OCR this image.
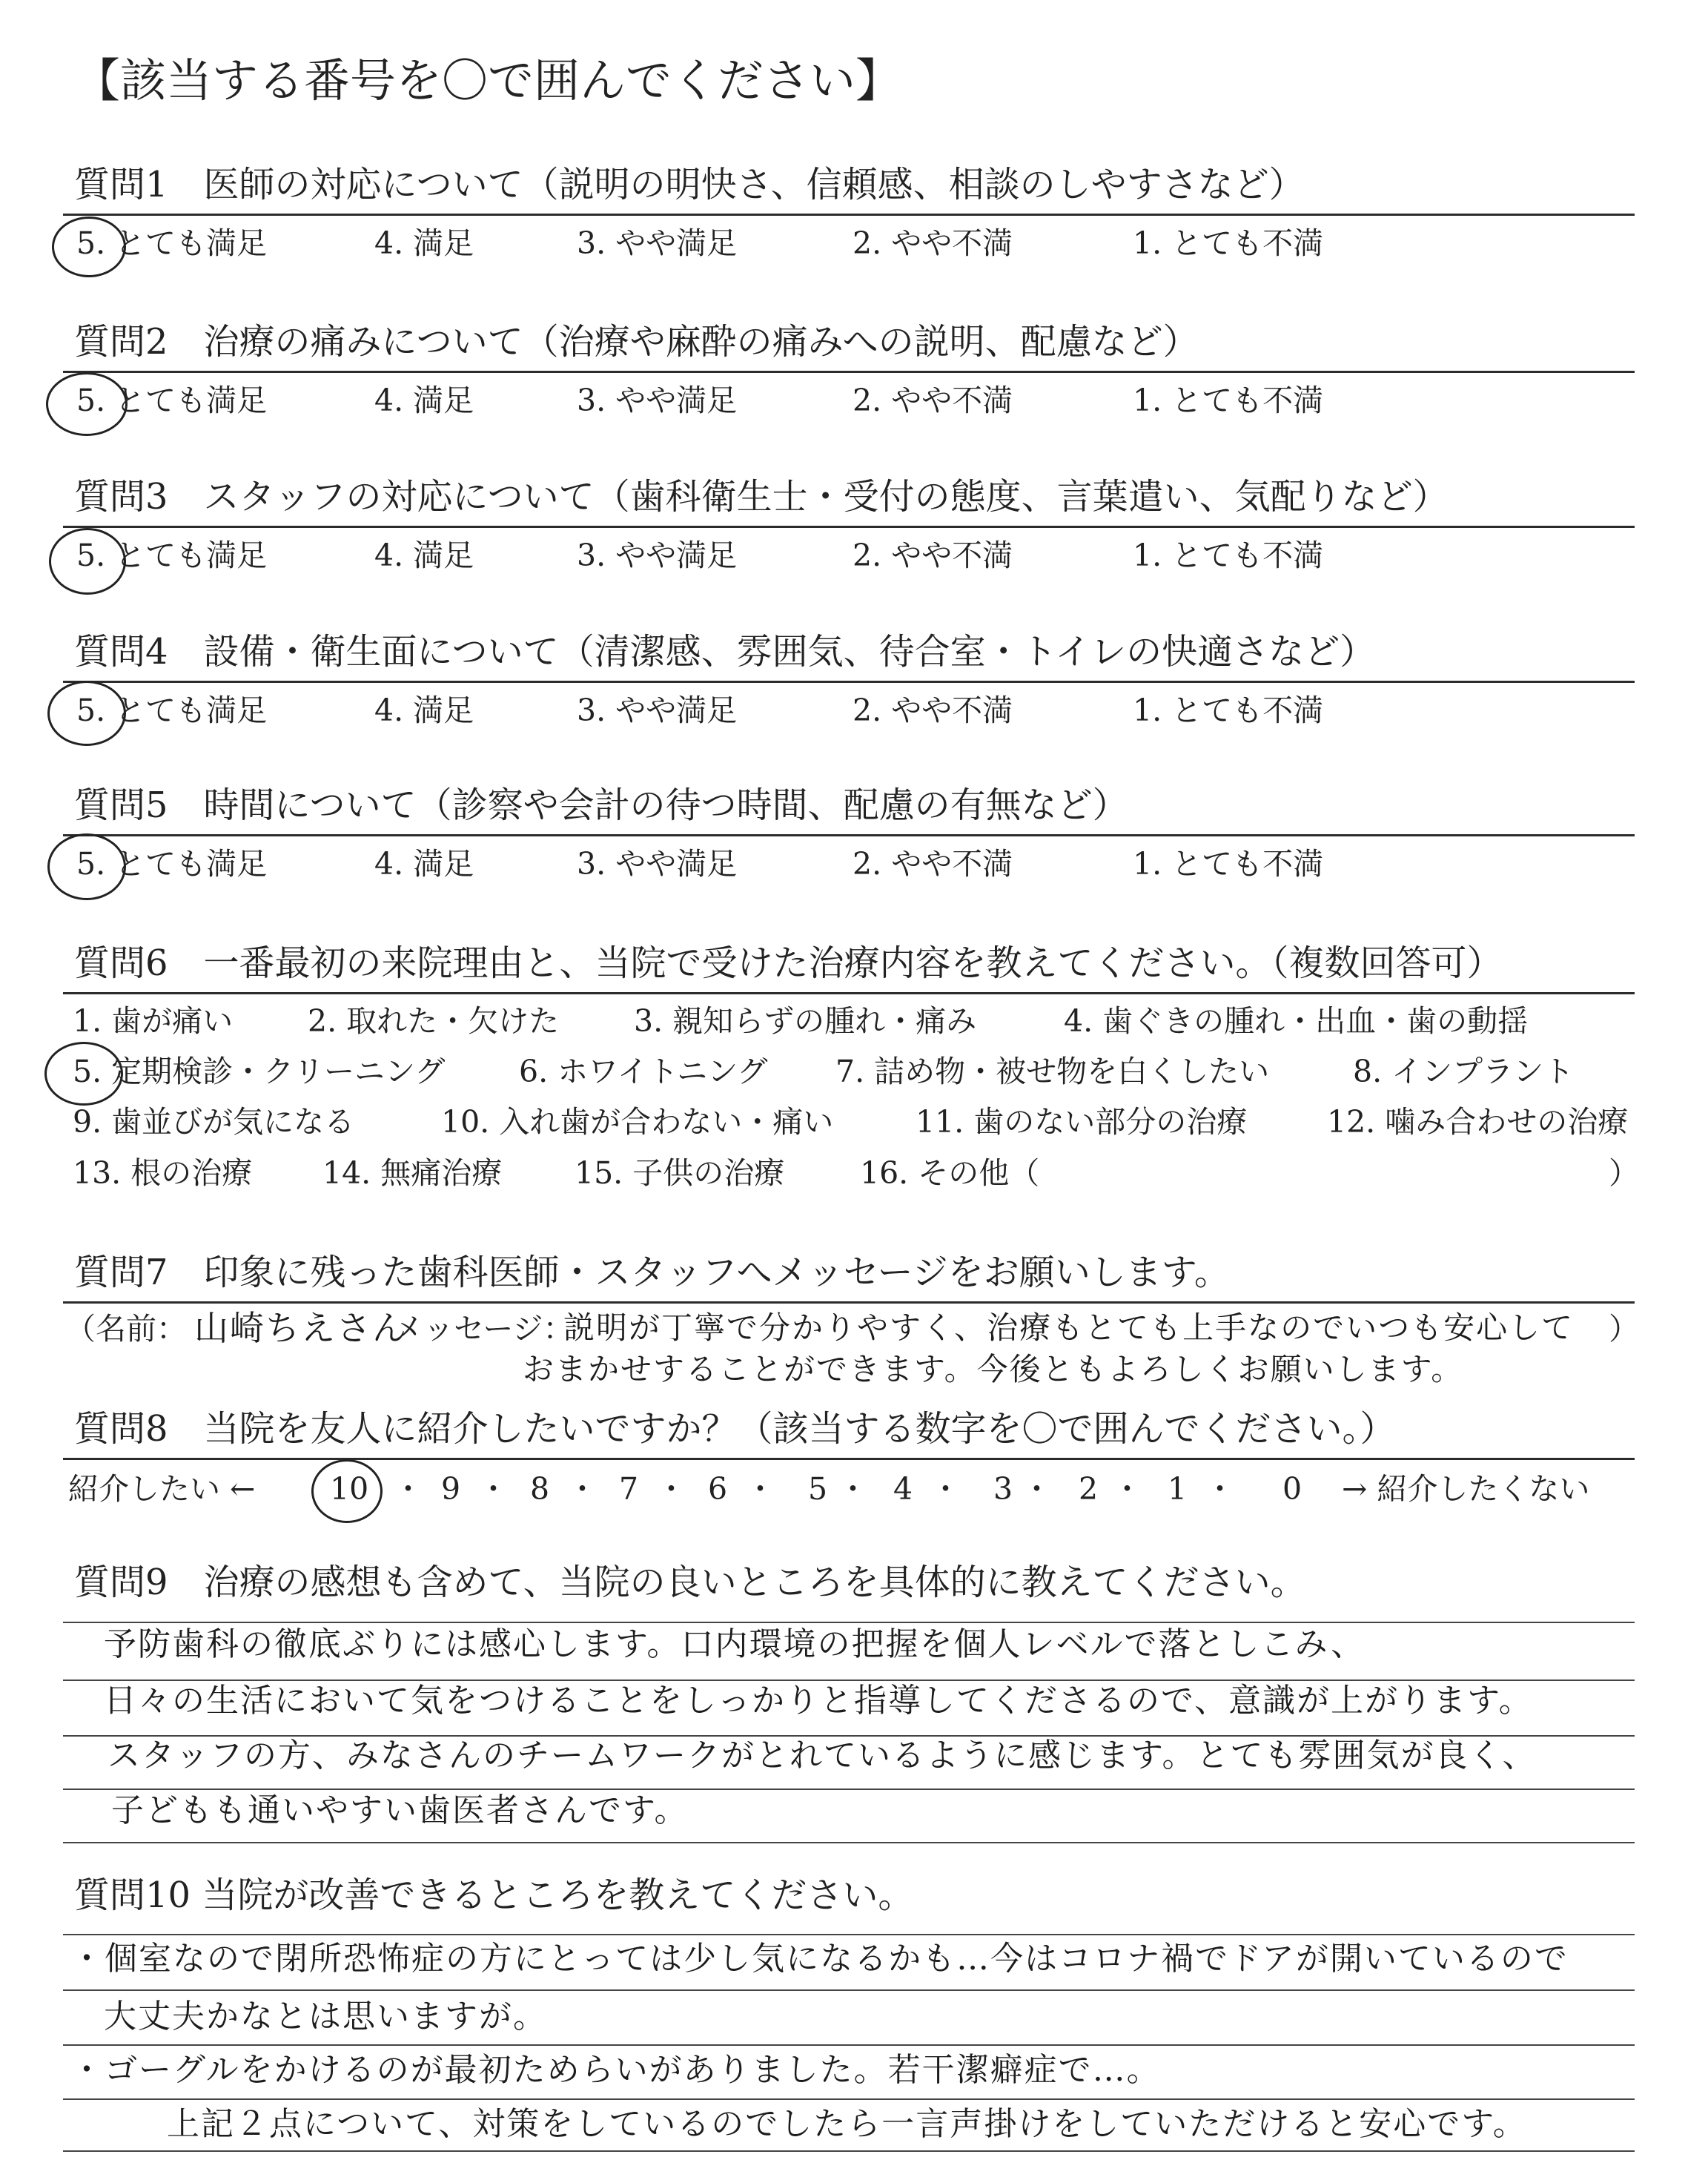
【該当する番号を〇で囲んでください】
質問1　医師の対応について（説明の明快さ、信頼感、相談のしやすさなど）
5. とても満足	4. 満足	3. やや満足	2. やや不満	1. とても不満
質問2　治療の痛みについて（治療や麻酔の痛みへの説明、配慮など）
5. とても満足	4. 満足	3. やや満足	2. やや不満	1. とても不満
質問3　スタッフの対応について（歯科衛生士・受付の態度、言葉遣い、気配りなど）
5. とても満足	4. 満足	3. やや満足	2. やや不満	1. とても不満
質問4　設備・衛生面について（清潔感、雰囲気、待合室・トイレの快適さなど）
5. とても満足	4. 満足	3. やや満足	2. やや不満	1. とても不満
質問5　時間について（診察や会計の待つ時間、配慮の有無など）
5. とても満足	4. 満足	3. やや満足	2. やや不満	1. とても不満
質問6　一番最初の来院理由と、当院で受けた治療内容を教えてください。（複数回答可）
1. 歯が痛い 2. 取れた・欠けた 3. 親知らずの腫れ・痛み	4. 歯ぐきの腫れ・出血・歯の動揺
5. 定期検診・クリーニング 6. ホワイトニング 7. 詰め物・被せ物を白くしたい	8. インプラント
9. 歯並びが気になる	10. 入れ歯が合わない・痛い	11. 歯のない部分の治療	12. 噛み合わせの治療
13. 根の治療 14. 無痛治療 15. 子供の治療 16. その他（	）
質問7　印象に残った歯科医師・スタッフへメッセージをお願いします。
（名前： 山崎ちえさん
メッセージ：
説明が丁寧で分かりやすく、治療もとても上手なのでいつも安心して ）
おまかせすることができます。今後ともよろしくお願いします。
質問8　当院を友人に紹介したいですか？（該当する数字を〇で囲んでください。）
紹介したい ← 10 ・ 9 ・ 8 ・ 7 ・ 6 ・ 5 ・ 4 ・ 3 ・ 2 ・ 1 ・ 0 → 紹介したくない
質問9　治療の感想も含めて、当院の良いところを具体的に教えてください。
予防歯科の徹底ぶりには感心します。口内環境の把握を個人レベルで落としこみ、
日々の生活において気をつけることをしっかりと指導してくださるので、意識が上がります。
スタッフの方、みなさんのチームワークがとれているように感じます。とても雰囲気が良く、
子どもも通いやすい歯医者さんです。
質問10 当院が改善できるところを教えてください。
・個室なので閉所恐怖症の方にとっては少し気になるかも…今はコロナ禍でドアが開いているので
大丈夫かなとは思いますが。
・ゴーグルをかけるのが最初ためらいがありました。若干潔癖症で…。
上記２点について、対策をしているのでしたら一言声掛けをしていただけると安心です。
